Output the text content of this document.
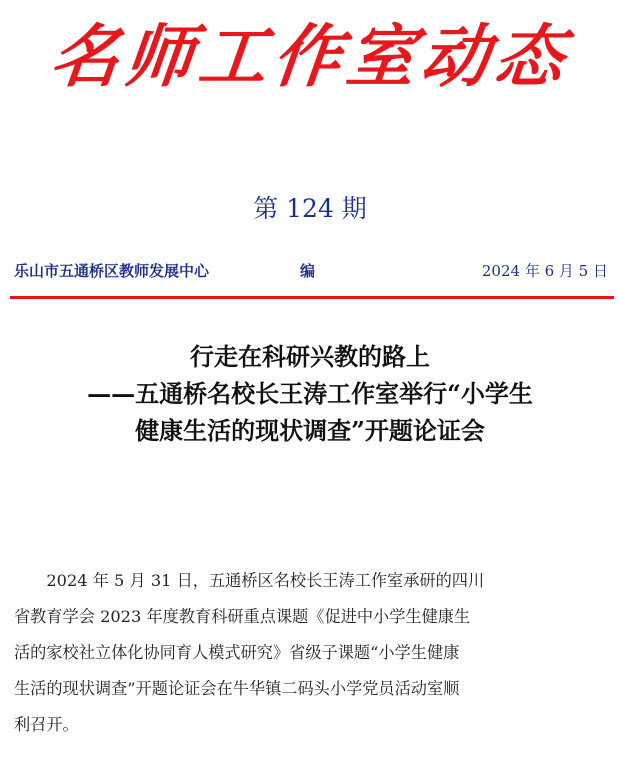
名师工作室动态
第 124 期
乐山市五通桥区教师发展中心	编	2024 年 6 月 5 日
行走在科研兴教的路上
——五通桥名校长王涛工作室举行“小学生
健康生活的现状调查”开题论证会
　　2024 年 5 月 31 日，五通桥区名校长王涛工作室承研的四川
省教育学会 2023 年度教育科研重点课题《促进中小学生健康生
活的家校社立体化协同育人模式研究》省级子课题“小学生健康
生活的现状调查”开题论证会在牛华镇二码头小学党员活动室顺
利召开。
